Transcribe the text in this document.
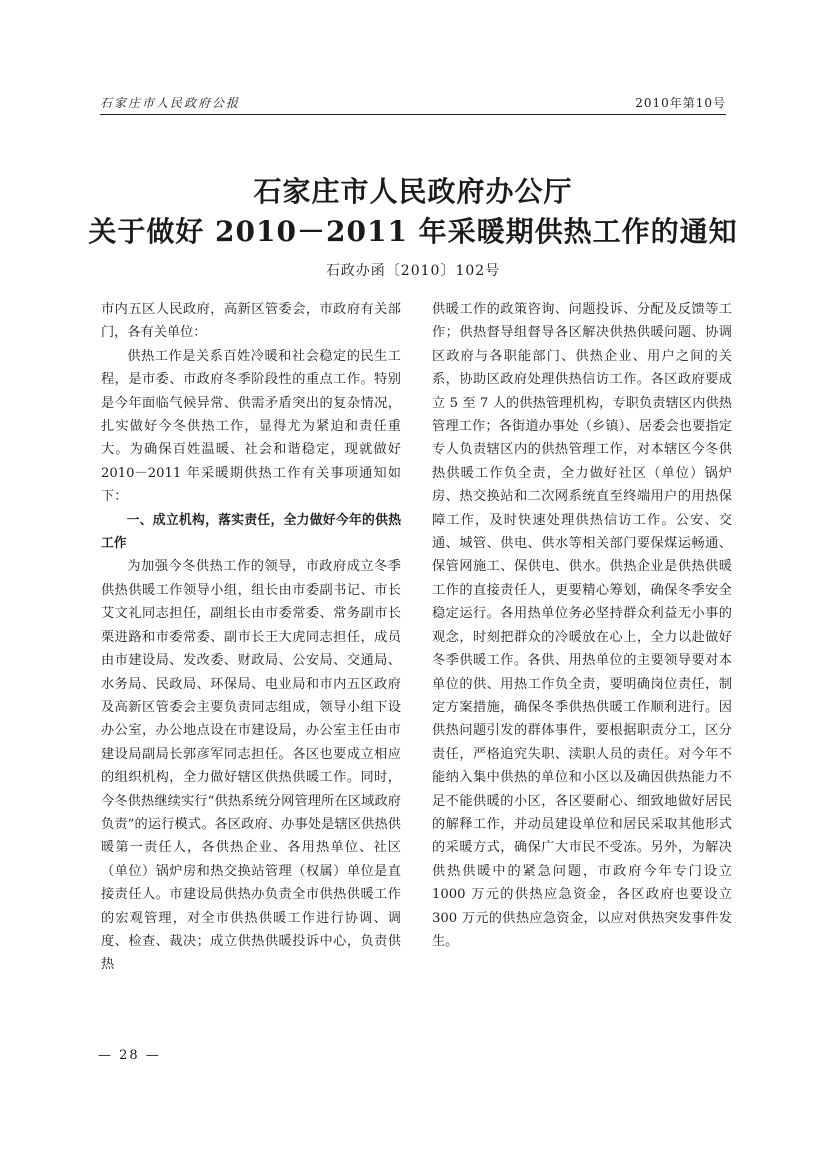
石家庄市人民政府公报	2010年第10号
石家庄市人民政府办公厅
关于做好 2010－2011 年采暖期供热工作的通知
石政办函〔2010〕102号

市内五区人民政府，高新区管委会，市政府有关部门，各有关单位：

供热工作是关系百姓冷暖和社会稳定的民生工程，是市委、市政府冬季阶段性的重点工作。特别是今年面临气候异常、供需矛盾突出的复杂情况，扎实做好今冬供热工作，显得尤为紧迫和责任重大。为确保百姓温暖、社会和谐稳定，现就做好 2010－2011 年采暖期供热工作有关事项通知如下：

一、成立机构，落实责任，全力做好今年的供热工作

为加强今冬供热工作的领导，市政府成立冬季供热供暖工作领导小组，组长由市委副书记、市长艾文礼同志担任，副组长由市委常委、常务副市长栗进路和市委常委、副市长王大虎同志担任，成员由市建设局、发改委、财政局、公安局、交通局、水务局、民政局、环保局、电业局和市内五区政府及高新区管委会主要负责同志组成，领导小组下设办公室，办公地点设在市建设局，办公室主任由市建设局副局长郭彦军同志担任。各区也要成立相应的组织机构，全力做好辖区供热供暖工作。同时，今冬供热继续实行“供热系统分网管理所在区域政府负责”的运行模式。各区政府、办事处是辖区供热供暖第一责任人，各供热企业、各用热单位、社区（单位）锅炉房和热交换站管理（权属）单位是直接责任人。市建设局供热办负责全市供热供暖工作的宏观管理，对全市供热供暖工作进行协调、调度、检查、裁决；成立供热供暖投诉中心，负责供热

供暖工作的政策咨询、问题投诉、分配及反馈等工作；供热督导组督导各区解决供热供暖问题、协调区政府与各职能部门、供热企业、用户之间的关系，协助区政府处理供热信访工作。各区政府要成立 5 至 7 人的供热管理机构，专职负责辖区内供热管理工作；各街道办事处（乡镇）、居委会也要指定专人负责辖区内的供热管理工作，对本辖区今冬供热供暖工作负全责，全力做好社区（单位）锅炉房、热交换站和二次网系统直至终端用户的用热保障工作，及时快速处理供热信访工作。公安、交通、城管、供电、供水等相关部门要保煤运畅通、保管网施工、保供电、供水。供热企业是供热供暖工作的直接责任人，更要精心筹划，确保冬季安全稳定运行。各用热单位务必坚持群众利益无小事的观念，时刻把群众的冷暖放在心上，全力以赴做好冬季供暖工作。各供、用热单位的主要领导要对本单位的供、用热工作负全责，要明确岗位责任，制定方案措施，确保冬季供热供暖工作顺利进行。因供热问题引发的群体事件，要根据职责分工，区分责任，严格追究失职、渎职人员的责任。对今年不能纳入集中供热的单位和小区以及确因供热能力不足不能供暖的小区，各区要耐心、细致地做好居民的解释工作，并动员建设单位和居民采取其他形式的采暖方式，确保广大市民不受冻。另外，为解决供热供暖中的紧急问题，市政府今年专门设立 1000 万元的供热应急资金，各区政府也要设立 300 万元的供热应急资金，以应对供热突发事件发生。

— 28 —
